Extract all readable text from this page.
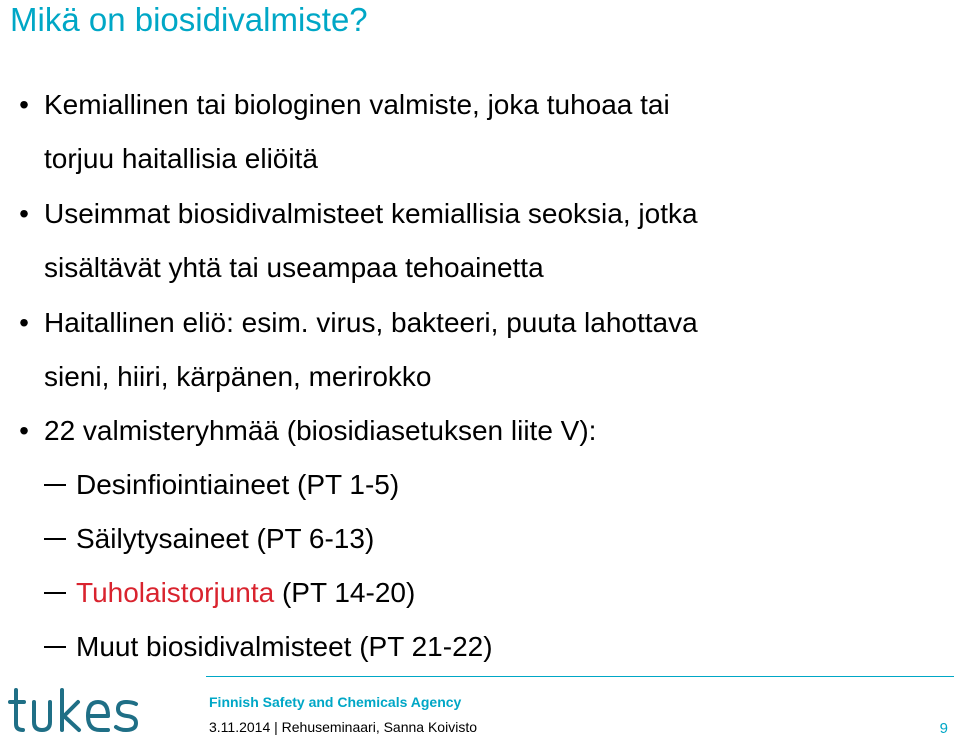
Mikä on biosidivalmiste?
• Kemiallinen tai biologinen valmiste, joka tuhoaa tai
torjuu haitallisia eliöitä
• Useimmat biosidivalmisteet kemiallisia seoksia, jotka
sisältävät yhtä tai useampaa tehoainetta
• Haitallinen eliö: esim. virus, bakteeri, puuta lahottava
sieni, hiiri, kärpänen, merirokko
• 22 valmisteryhmää (biosidiasetuksen liite V):
Desinfiointiaineet (PT 1-5)
Säilytysaineet (PT 6-13)
Tuholaistorjunta (PT 14-20)
Muut biosidivalmisteet (PT 21-22)
Finnish Safety and Chemicals Agency
3.11.2014 | Rehuseminaari, Sanna Koivisto	9
